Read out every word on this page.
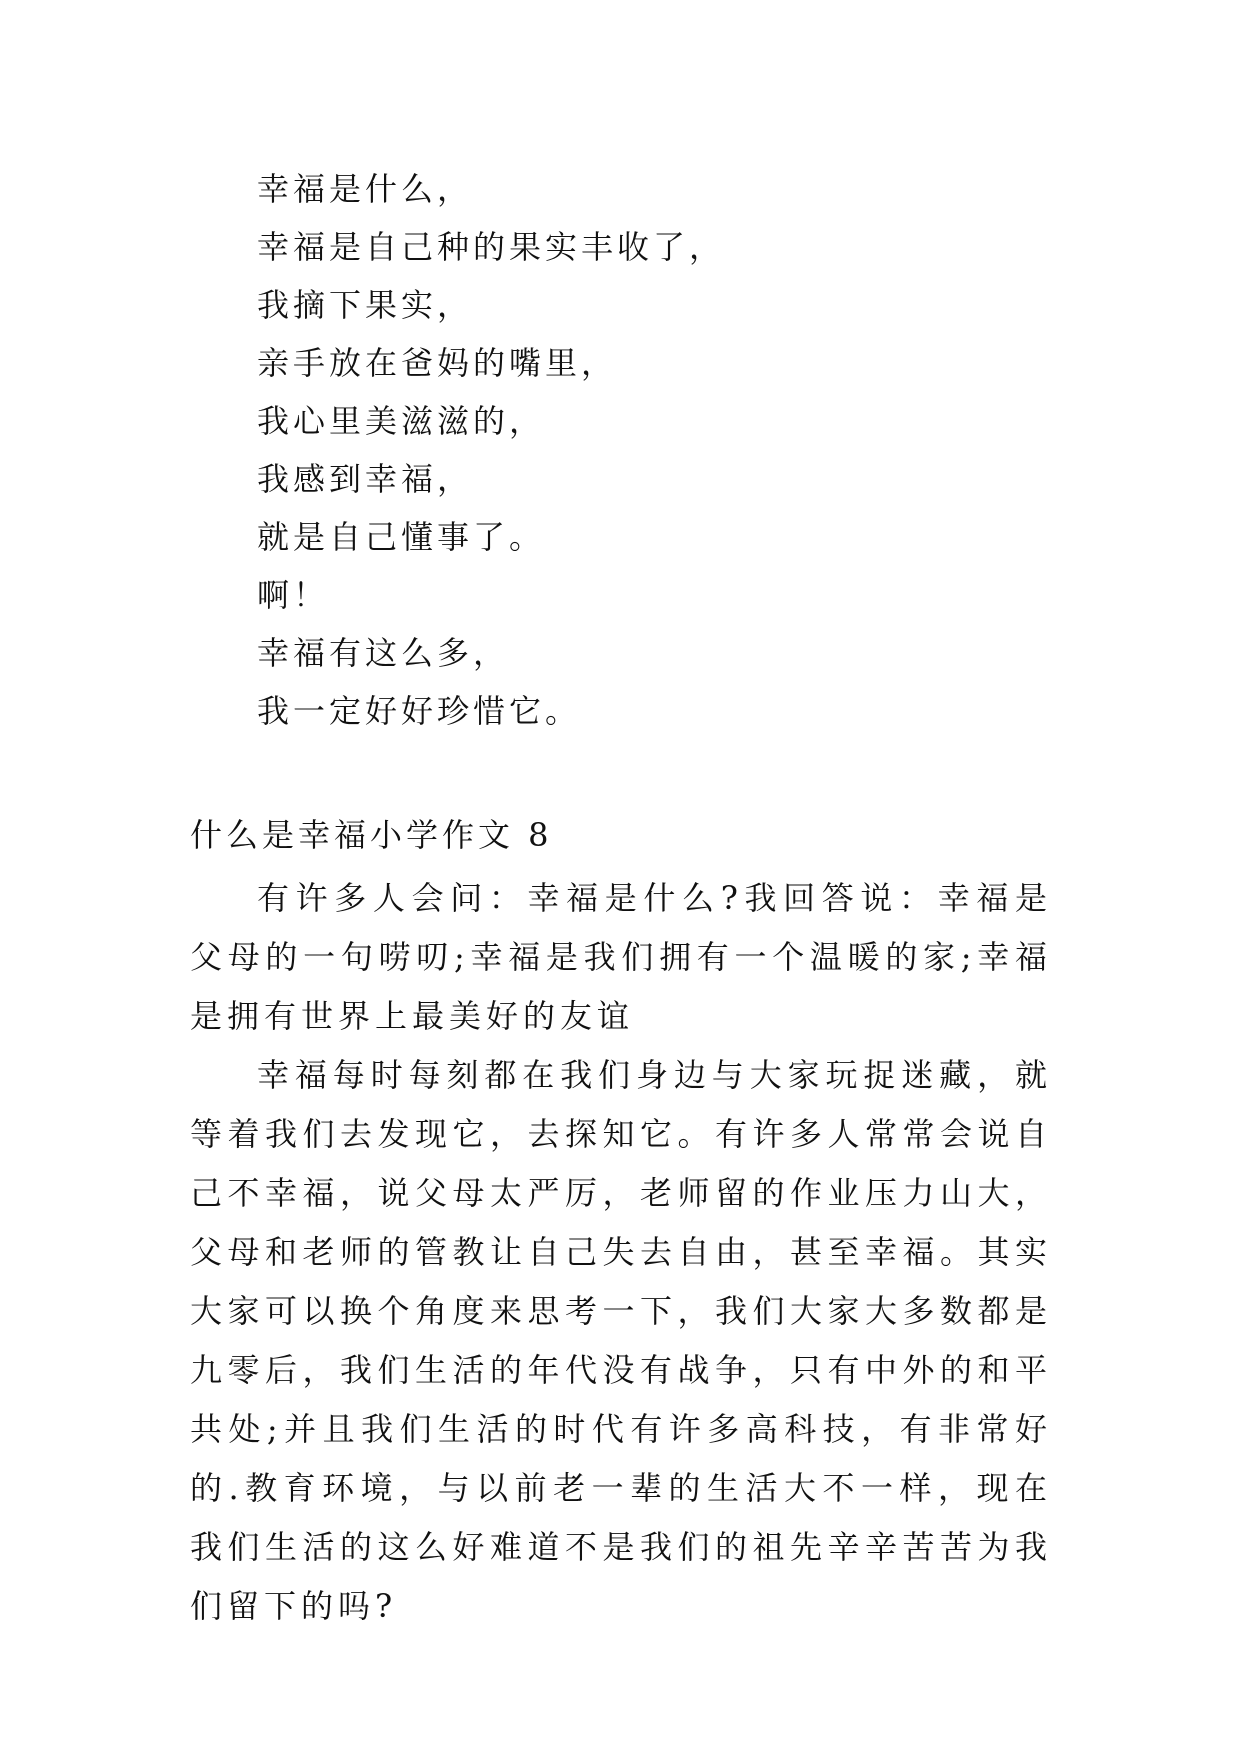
幸福是什么，
幸福是自己种的果实丰收了，
我摘下果实，
亲手放在爸妈的嘴里，
我心里美滋滋的，
我感到幸福，
就是自己懂事了。
啊！
幸福有这么多，
我一定好好珍惜它。
什么是幸福小学作文 8

有许多人会问：幸福是什么?我回答说：幸福是父母的一句唠叨;幸福是我们拥有一个温暖的家;幸福是拥有世界上最美好的友谊

幸福每时每刻都在我们身边与大家玩捉迷藏，就等着我们去发现它，去探知它。有许多人常常会说自己不幸福，说父母太严厉，老师留的作业压力山大，父母和老师的管教让自己失去自由，甚至幸福。其实大家可以换个角度来思考一下，我们大家大多数都是九零后，我们生活的年代没有战争，只有中外的和平共处;并且我们生活的时代有许多高科技，有非常好的.教育环境，与以前老一辈的生活大不一样，现在我们生活的这么好难道不是我们的祖先辛辛苦苦为我们留下的吗?
